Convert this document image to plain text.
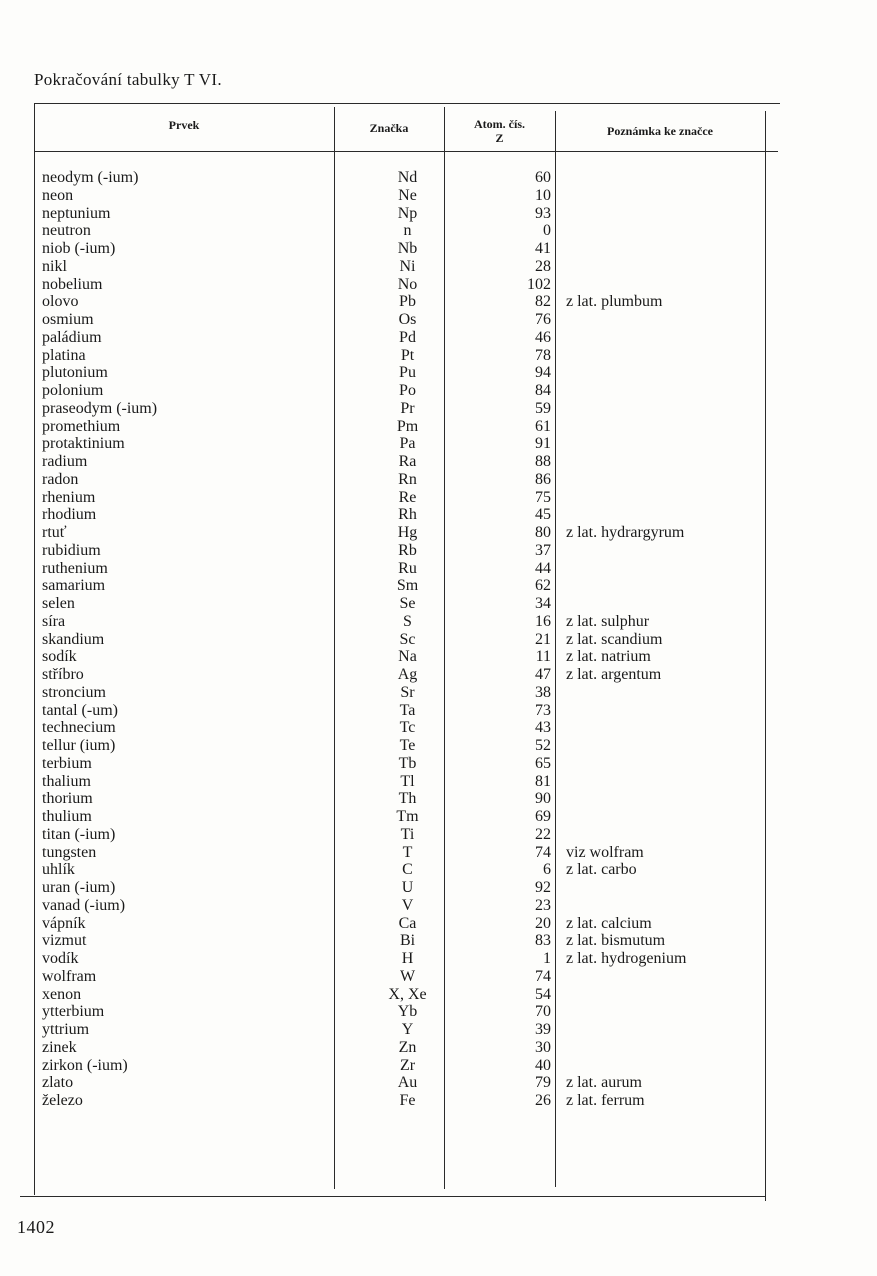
Pokračování tabulky T VI.
Prvek	Značka	Atom. čís.
Z	Poznámka ke značce
neodym (-ium)	Nd	60
neon	Ne	10
neptunium	Np	93
neutron	n	0
niob (-ium)	Nb	41
nikl	Ni	28
nobelium	No	102
olovo	Pb	82 z lat. plumbum
osmium	Os	76
paládium	Pd	46
platina	Pt	78
plutonium	Pu	94
polonium	Po	84
praseodym (-ium)	Pr	59
promethium	Pm	61
protaktinium	Pa	91
radium	Ra	88
radon	Rn	86
rhenium	Re	75
rhodium	Rh	45
rtuť	Hg	80 z lat. hydrargyrum
rubidium	Rb	37
ruthenium	Ru	44
samarium	Sm	62
selen	Se	34
síra	S	16 z lat. sulphur
skandium	Sc	21 z lat. scandium
sodík	Na	11 z lat. natrium
stříbro	Ag	47 z lat. argentum
stroncium	Sr	38
tantal (-um)	Ta	73
technecium	Tc	43
tellur (ium)	Te	52
terbium	Tb	65
thalium	Tl	81
thorium	Th	90
thulium	Tm	69
titan (-ium)	Ti	22
tungsten	T	74 viz wolfram
uhlík	C	6 z lat. carbo
uran (-ium)	U	92
vanad (-ium)	V	23
vápník	Ca	20 z lat. calcium
vizmut	Bi	83 z lat. bismutum
vodík	H	1 z lat. hydrogenium
wolfram	W	74
xenon	X, Xe	54
ytterbium	Yb	70
yttrium	Y	39
zinek	Zn	30
zirkon (-ium)	Zr	40
zlato	Au	79 z lat. aurum
železo	Fe	26 z lat. ferrum
1402
